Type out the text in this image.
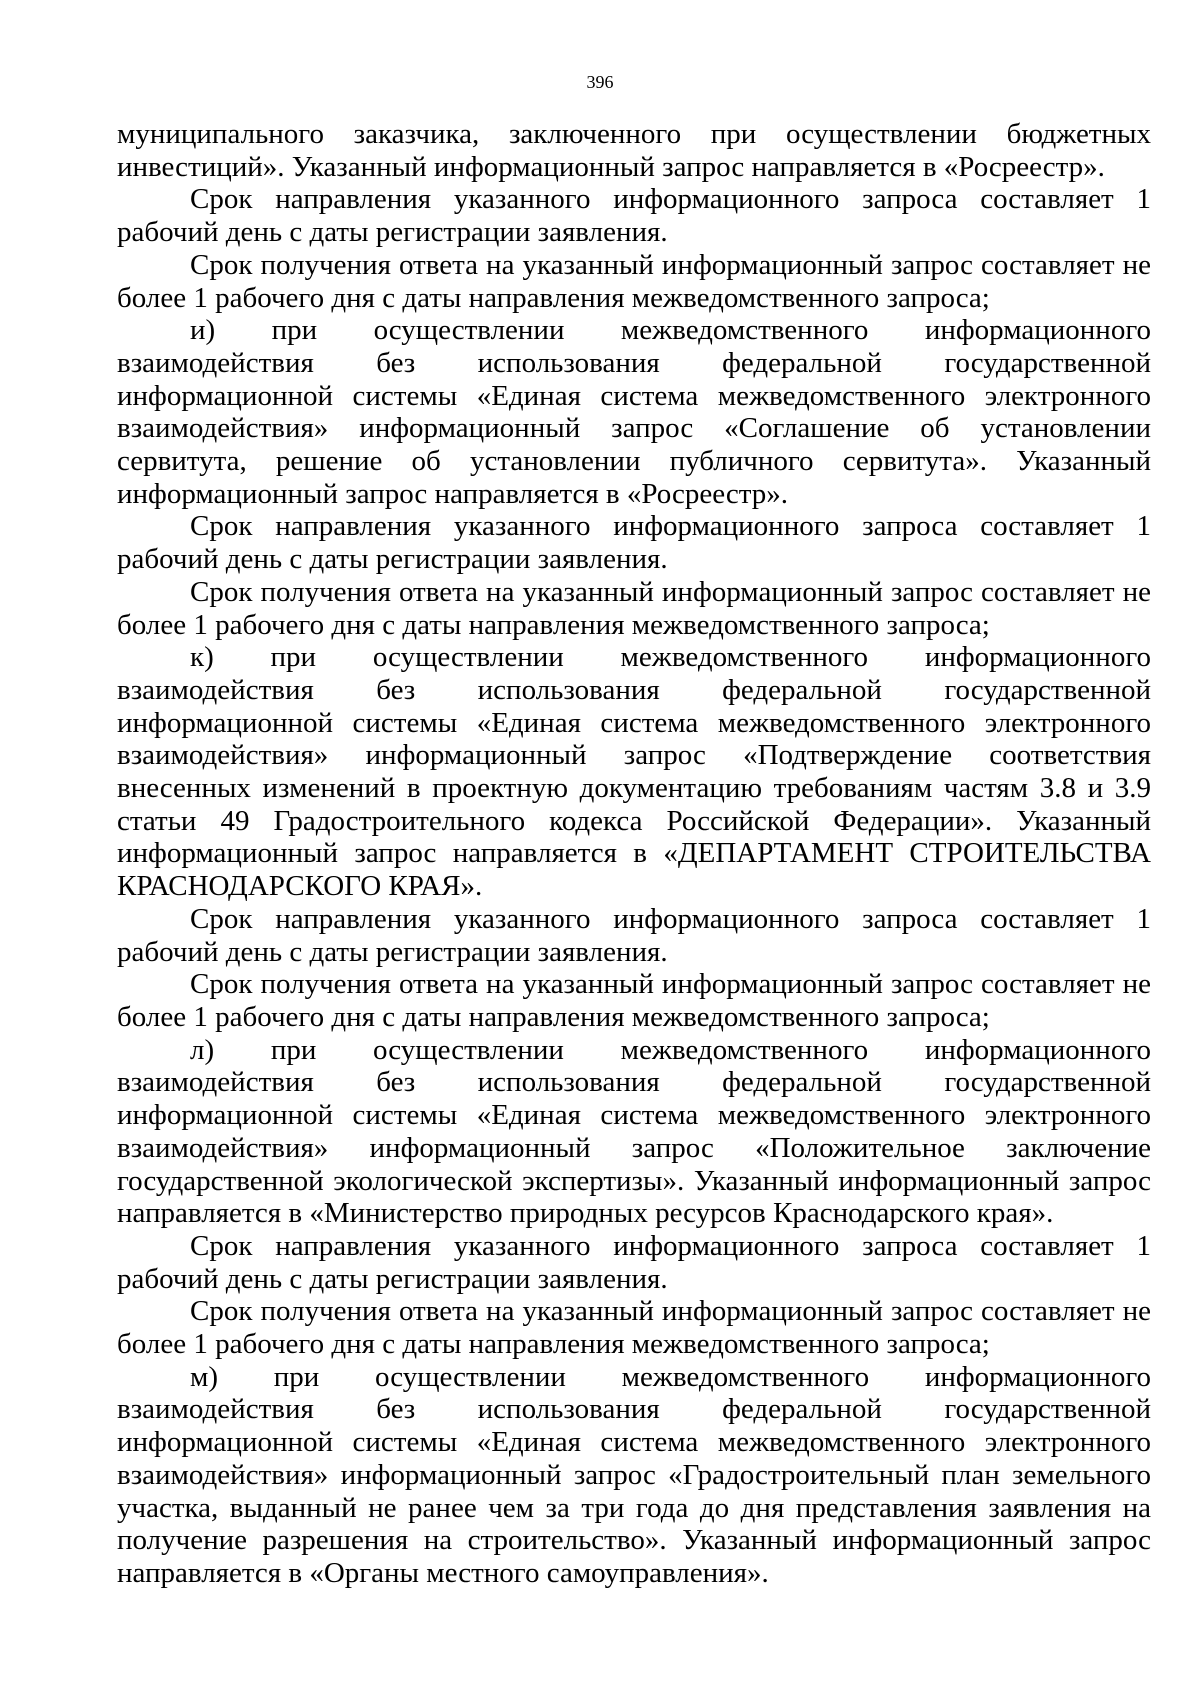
396

муниципального заказчика, заключенного при осуществлении бюджетных инвестиций». Указанный информационный запрос направляется в «Росреестр».

Срок направления указанного информационного запроса составляет 1 рабочий день с даты регистрации заявления.

Срок получения ответа на указанный информационный запрос составляет не более 1 рабочего дня с даты направления межведомственного запроса;

и) при осуществлении межведомственного информационного взаимодействия без использования федеральной государственной информационной системы «Единая система межведомственного электронного взаимодействия» информационный запрос «Соглашение об установлении сервитута, решение об установлении публичного сервитута». Указанный информационный запрос направляется в «Росреестр».

Срок направления указанного информационного запроса составляет 1 рабочий день с даты регистрации заявления.

Срок получения ответа на указанный информационный запрос составляет не более 1 рабочего дня с даты направления межведомственного запроса;

к) при осуществлении межведомственного информационного взаимодействия без использования федеральной государственной информационной системы «Единая система межведомственного электронного взаимодействия» информационный запрос «Подтверждение соответствия внесенных изменений в проектную документацию требованиям частям 3.8 и 3.9 статьи 49 Градостроительного кодекса Российской Федерации». Указанный информационный запрос направляется в «ДЕПАРТАМЕНТ СТРОИТЕЛЬСТВА КРАСНОДАРСКОГО КРАЯ».

Срок направления указанного информационного запроса составляет 1 рабочий день с даты регистрации заявления.

Срок получения ответа на указанный информационный запрос составляет не более 1 рабочего дня с даты направления межведомственного запроса;

л) при осуществлении межведомственного информационного взаимодействия без использования федеральной государственной информационной системы «Единая система межведомственного электронного взаимодействия» информационный запрос «Положительное заключение государственной экологической экспертизы». Указанный информационный запрос направляется в «Министерство природных ресурсов Краснодарского края».

Срок направления указанного информационного запроса составляет 1 рабочий день с даты регистрации заявления.

Срок получения ответа на указанный информационный запрос составляет не более 1 рабочего дня с даты направления межведомственного запроса;

м) при осуществлении межведомственного информационного взаимодействия без использования федеральной государственной информационной системы «Единая система межведомственного электронного взаимодействия» информационный запрос «Градостроительный план земельного участка, выданный не ранее чем за три года до дня представления заявления на получение разрешения на строительство». Указанный информационный запрос направляется в «Органы местного самоуправления».
